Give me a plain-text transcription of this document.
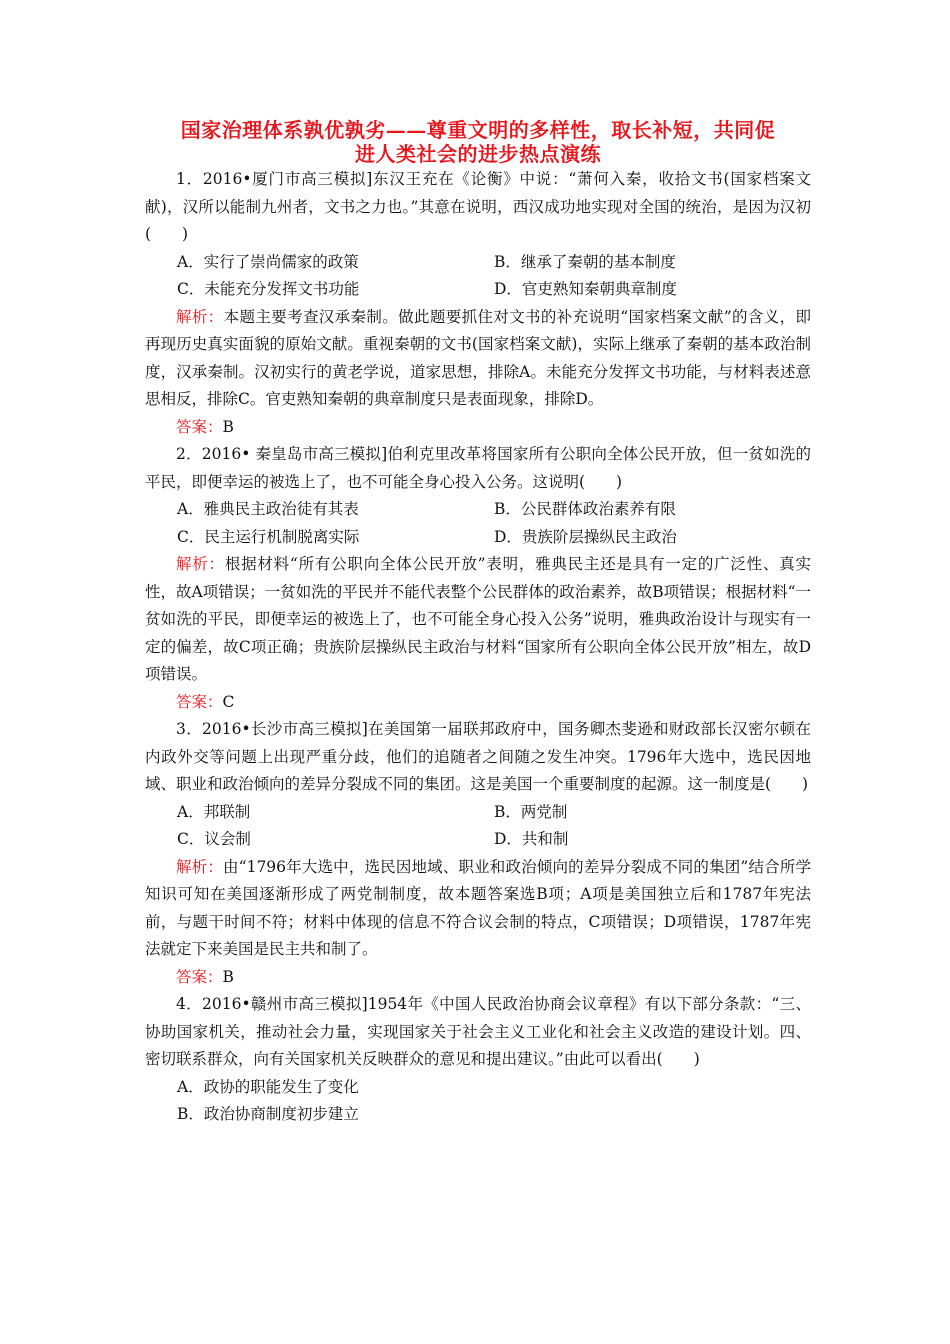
国家治理体系孰优孰劣——尊重文明的多样性，取长补短，共同促
进人类社会的进步热点演练

1．2016•厦门市高三模拟]东汉王充在《论衡》中说：“萧何入秦，收拾文书(国家档案文献)，汉所以能制九州者，文书之力也。”其意在说明，西汉成功地实现对全国的统治，是因为汉初(　　)

A．实行了崇尚儒家的政策	B．继承了秦朝的基本制度
C．未能充分发挥文书功能	D．官吏熟知秦朝典章制度

解析：本题主要考查汉承秦制。做此题要抓住对文书的补充说明“国家档案文献”的含义，即再现历史真实面貌的原始文献。重视秦朝的文书(国家档案文献)，实际上继承了秦朝的基本政治制度，汉承秦制。汉初实行的黄老学说，道家思想，排除A。未能充分发挥文书功能，与材料表述意思相反，排除C。官吏熟知秦朝的典章制度只是表面现象，排除D。

答案：B

2．2016• 秦皇岛市高三模拟]伯利克里改革将国家所有公职向全体公民开放，但一贫如洗的平民，即便幸运的被选上了，也不可能全身心投入公务。这说明(　　)

A．雅典民主政治徒有其表	B．公民群体政治素养有限
C．民主运行机制脱离实际	D．贵族阶层操纵民主政治

解析：根据材料“所有公职向全体公民开放”表明，雅典民主还是具有一定的广泛性、真实性，故A项错误；一贫如洗的平民并不能代表整个公民群体的政治素养，故B项错误；根据材料“一贫如洗的平民，即便幸运的被选上了，也不可能全身心投入公务”说明，雅典政治设计与现实有一定的偏差，故C项正确；贵族阶层操纵民主政治与材料“国家所有公职向全体公民开放”相左，故D项错误。

答案：C

3．2016•长沙市高三模拟]在美国第一届联邦政府中，国务卿杰斐逊和财政部长汉密尔顿在内政外交等问题上出现严重分歧，他们的追随者之间随之发生冲突。1796年大选中，选民因地域、职业和政治倾向的差异分裂成不同的集团。这是美国一个重要制度的起源。这一制度是(　　)

A．邦联制	B．两党制
C．议会制	D．共和制

解析：由“1796年大选中，选民因地域、职业和政治倾向的差异分裂成不同的集团”结合所学知识可知在美国逐渐形成了两党制制度，故本题答案选B项；A项是美国独立后和1787年宪法前，与题干时间不符；材料中体现的信息不符合议会制的特点，C项错误；D项错误，1787年宪法就定下来美国是民主共和制了。

答案：B

4．2016•赣州市高三模拟]1954年《中国人民政治协商会议章程》有以下部分条款：“三、协助国家机关，推动社会力量，实现国家关于社会主义工业化和社会主义改造的建设计划。四、密切联系群众，向有关国家机关反映群众的意见和提出建议。”由此可以看出(　　)

A．政协的职能发生了变化
B．政治协商制度初步建立
